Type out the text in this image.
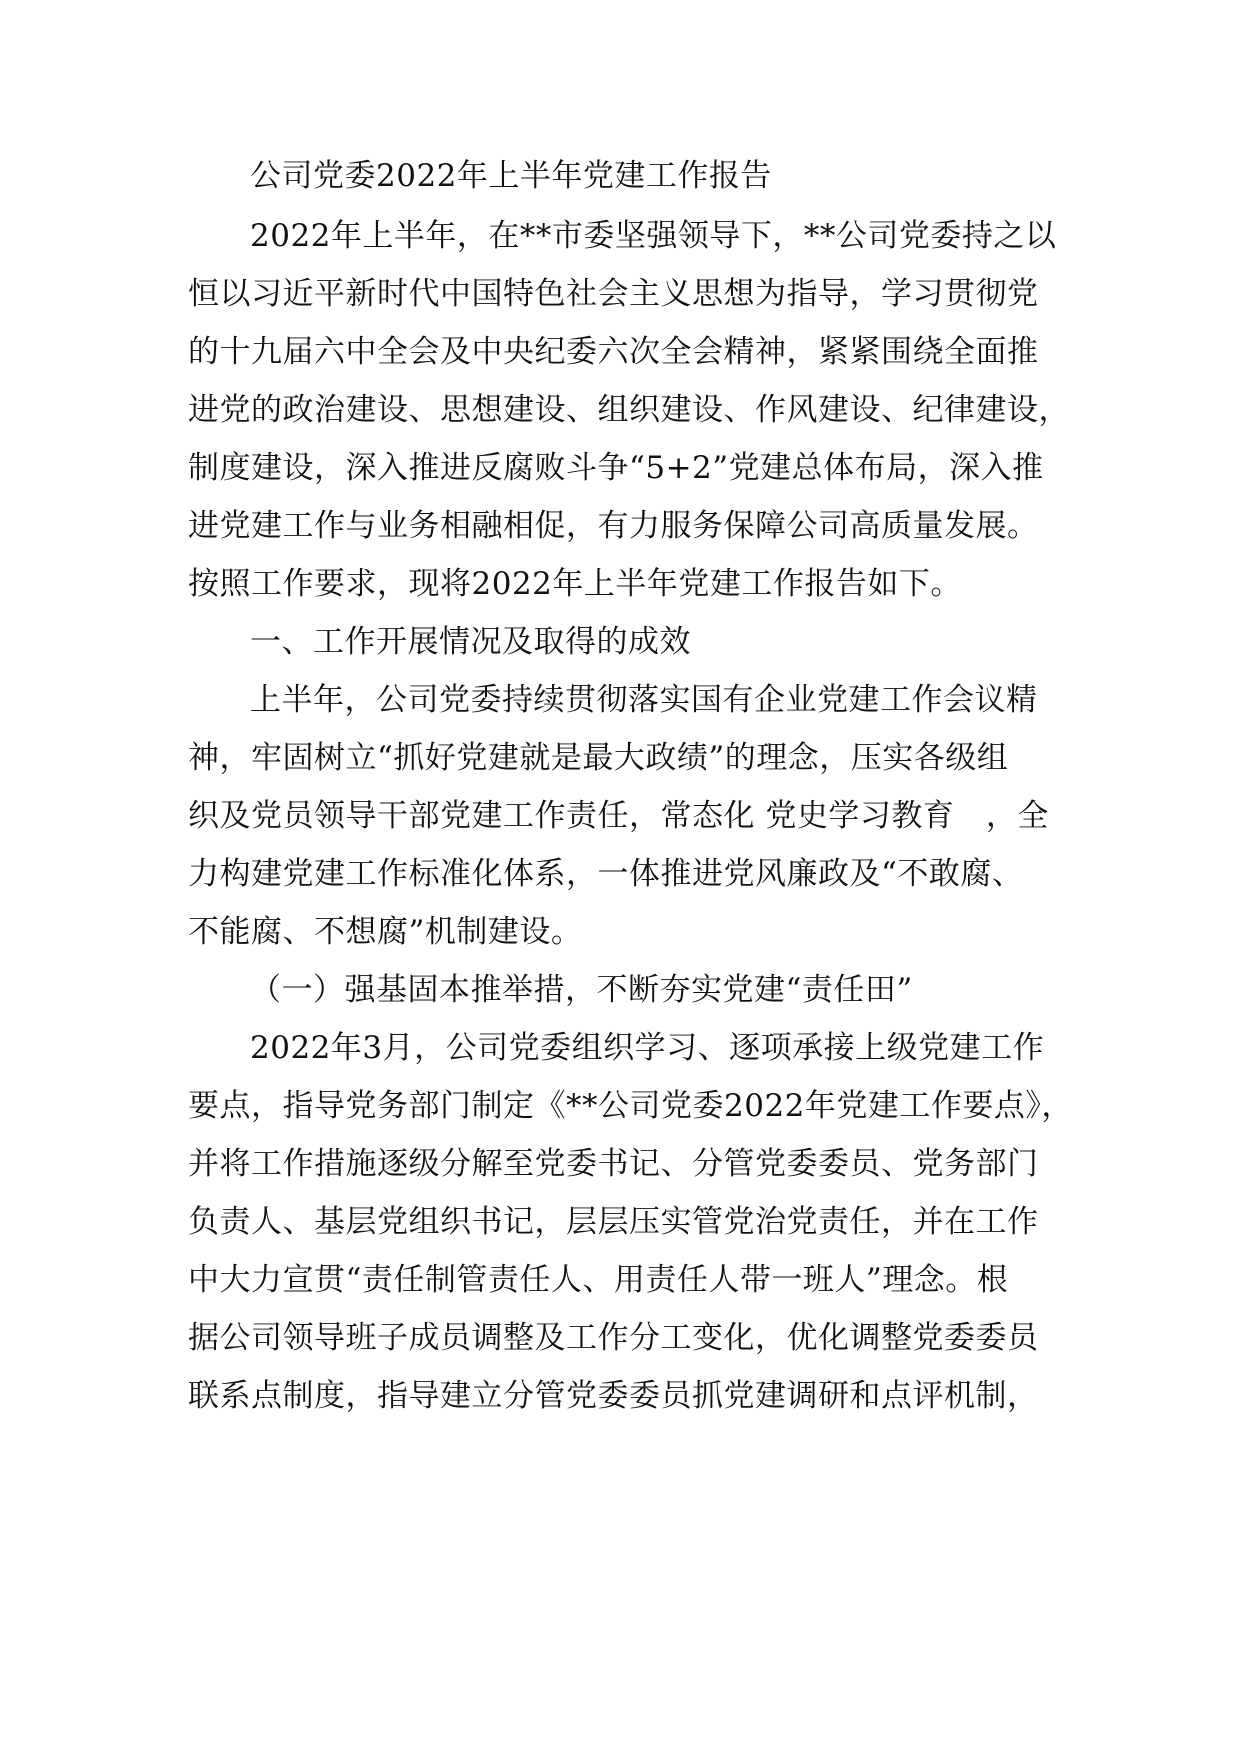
公司党委2022年上半年党建工作报告
2022年上半年，在**市委坚强领导下，**公司党委持之以
恒以习近平新时代中国特色社会主义思想为指导，学习贯彻党
的十九届六中全会及中央纪委六次全会精神，紧紧围绕全面推
进党的政治建设、思想建设、组织建设、作风建设、纪律建设，
制度建设，深入推进反腐败斗争“5+2”党建总体布局，深入推
进党建工作与业务相融相促，有力服务保障公司高质量发展。
按照工作要求，现将2022年上半年党建工作报告如下。
一、工作开展情况及取得的成效
上半年，公司党委持续贯彻落实国有企业党建工作会议精
神，牢固树立“抓好党建就是最大政绩”的理念，压实各级组
织及党员领导干部党建工作责任，常态化 党史学习教育　，全
力构建党建工作标准化体系，一体推进党风廉政及“不敢腐、
不能腐、不想腐”机制建设。
（一）强基固本推举措，不断夯实党建“责任田”
2022年3月，公司党委组织学习、逐项承接上级党建工作
要点，指导党务部门制定《**公司党委2022年党建工作要点》，
并将工作措施逐级分解至党委书记、分管党委委员、党务部门
负责人、基层党组织书记，层层压实管党治党责任，并在工作
中大力宣贯“责任制管责任人、用责任人带一班人”理念。根
据公司领导班子成员调整及工作分工变化，优化调整党委委员
联系点制度，指导建立分管党委委员抓党建调研和点评机制，
